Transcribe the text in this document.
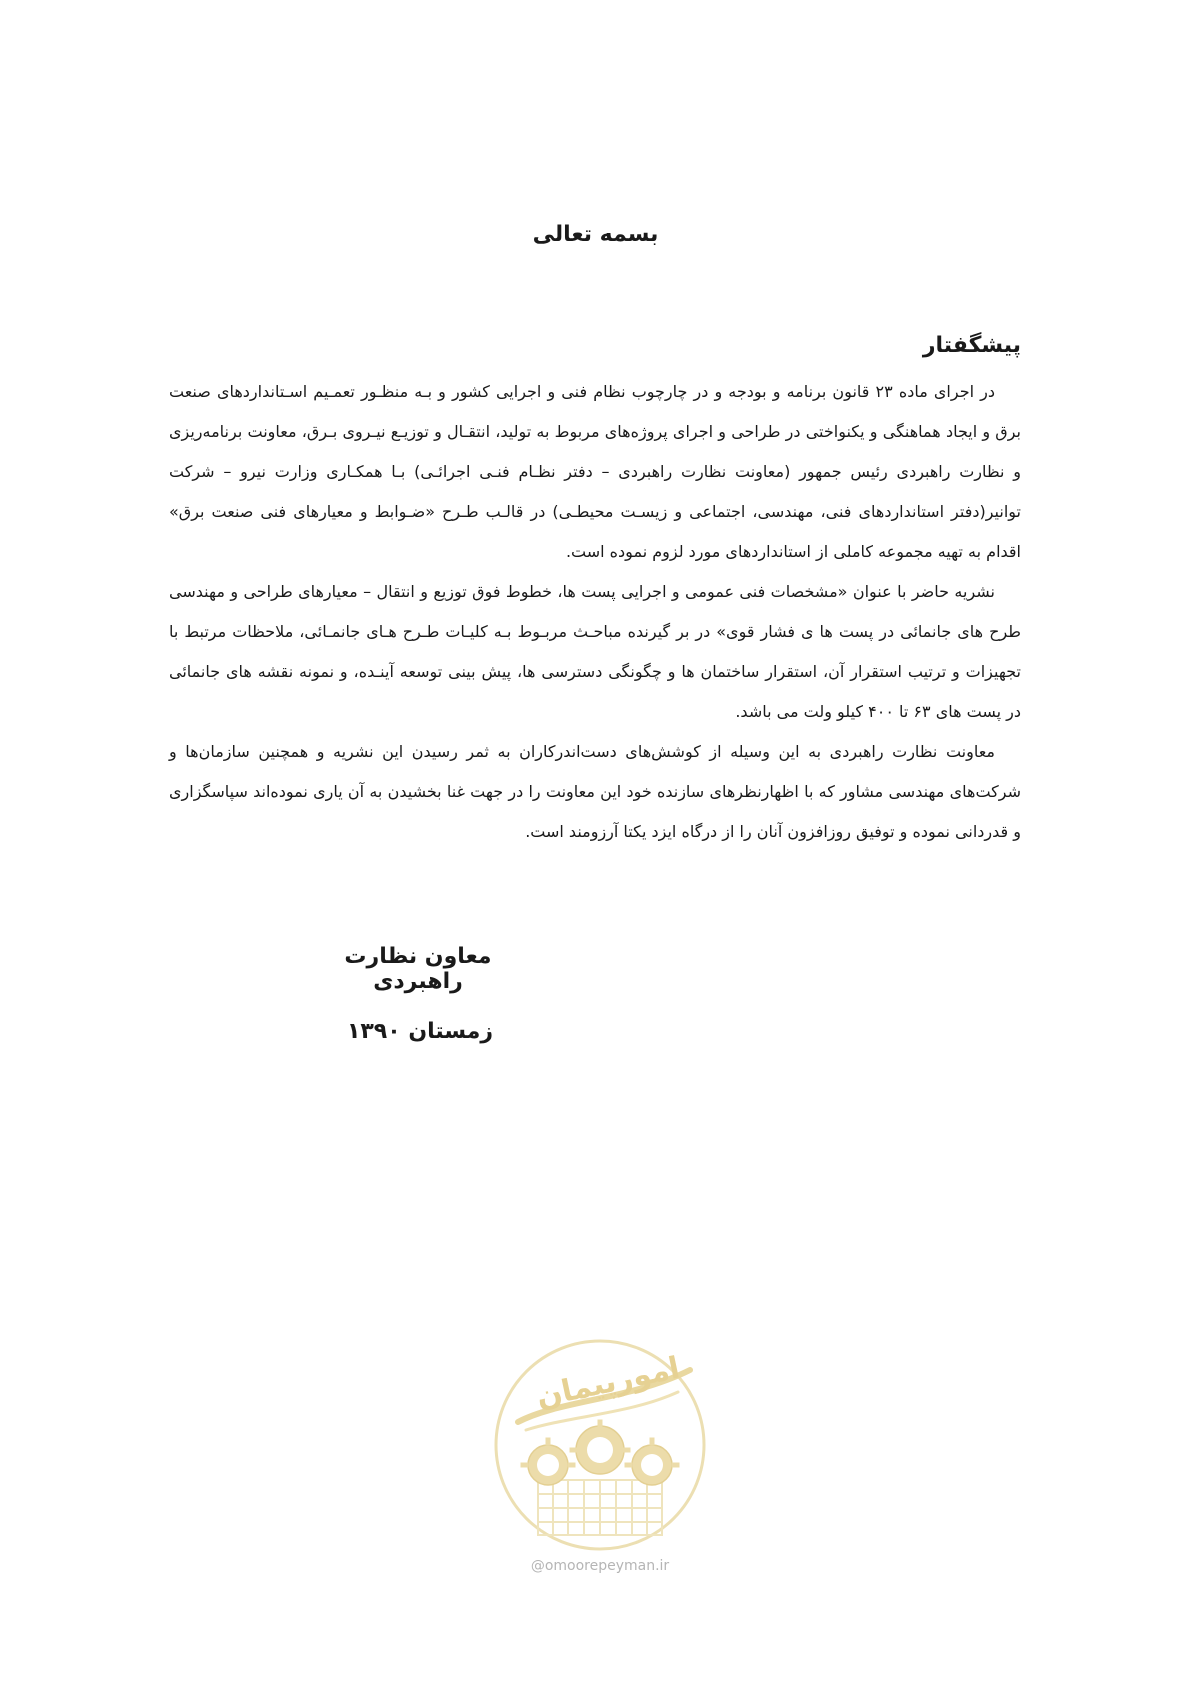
بسمه تعالی
پیشگفتار

در اجرای ماده ۲۳ قانون برنامه و بودجه و در چارچوب نظام فنی و اجرایی کشور و بـه منظـور تعمـیم اسـتانداردهای صنعت برق و ایجاد هماهنگی و یکنواختی در طراحی و اجرای پروژه‌های مربوط به تولید، انتقـال و توزیـع نیـروی بـرق، معاونت برنامه‌ریزی و نظارت راهبردی رئیس جمهور (معاونت نظارت راهبردی – دفتر نظـام فنـی اجرائـی) بـا همکـاری وزارت نیرو – شرکت توانیر(دفتر استانداردهای فنی، مهندسی، اجتماعی و زیسـت محیطـی) در قالـب طـرح «ضـوابط و معیارهای فنی صنعت برق» اقدام به تهیه مجموعه کاملی از استانداردهای مورد لزوم نموده است.

نشریه حاضر با عنوان «مشخصات فنی عمومی و اجرایی پست ها، خطوط فوق توزیع و انتقال – معیارهای طراحی و مهندسی طرح های جانمائی در پست ها ی فشار قوی» در بر گیرنده مباحـث مربـوط بـه کلیـات طـرح هـای جانمـائی، ملاحظات مرتبط با تجهیزات و ترتیب استقرار آن، استقرار ساختمان ها و چگونگی دسترسی ها، پیش بینی توسعه آینـده، و نمونه نقشه های جانمائی در پست های ۶۳ تا ۴۰۰ کیلو ولت می باشد.

معاونت نظارت راهبردی به این وسیله از کوشش‌های دست‌اندرکاران به ثمر رسیدن این نشریه و همچنین سازمان‌ها و شرکت‌های مهندسی مشاور که با اظهارنظرهای سازنده خود این معاونت را در جهت غنا بخشیدن به آن یاری نموده‌اند سپاسگزاری و قدردانی نموده و توفیق روزافزون آنان را از درگاه ایزد یکتا آرزومند است.

معاون نظارت راهبردی
زمستان ۱۳۹۰
امورپیمان
@omoorepeyman.ir
